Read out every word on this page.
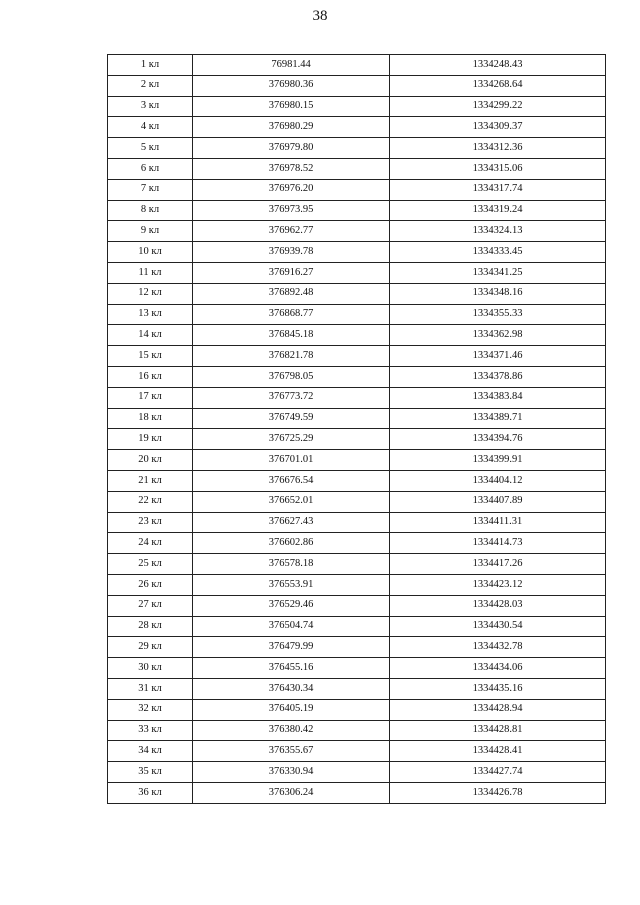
38
1 кл	76981.44	1334248.43
2 кл	376980.36	1334268.64
3 кл	376980.15	1334299.22
4 кл	376980.29	1334309.37
5 кл	376979.80	1334312.36
6 кл	376978.52	1334315.06
7 кл	376976.20	1334317.74
8 кл	376973.95	1334319.24
9 кл	376962.77	1334324.13
10 кл	376939.78	1334333.45
11 кл	376916.27	1334341.25
12 кл	376892.48	1334348.16
13 кл	376868.77	1334355.33
14 кл	376845.18	1334362.98
15 кл	376821.78	1334371.46
16 кл	376798.05	1334378.86
17 кл	376773.72	1334383.84
18 кл	376749.59	1334389.71
19 кл	376725.29	1334394.76
20 кл	376701.01	1334399.91
21 кл	376676.54	1334404.12
22 кл	376652.01	1334407.89
23 кл	376627.43	1334411.31
24 кл	376602.86	1334414.73
25 кл	376578.18	1334417.26
26 кл	376553.91	1334423.12
27 кл	376529.46	1334428.03
28 кл	376504.74	1334430.54
29 кл	376479.99	1334432.78
30 кл	376455.16	1334434.06
31 кл	376430.34	1334435.16
32 кл	376405.19	1334428.94
33 кл	376380.42	1334428.81
34 кл	376355.67	1334428.41
35 кл	376330.94	1334427.74
36 кл	376306.24	1334426.78
